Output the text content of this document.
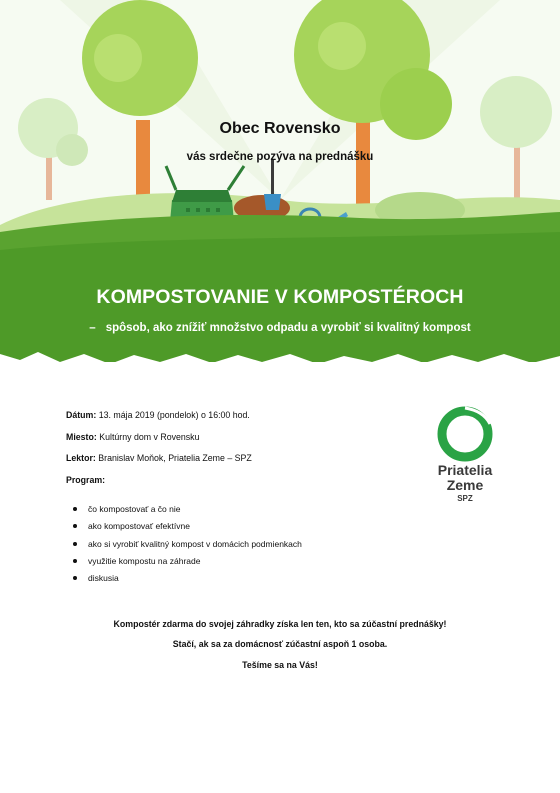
Obec Rovensko
vás srdečne pozýva na prednášku
KOMPOSTOVANIE V KOMPOSTÉROCH
– spôsob, ako znížiť množstvo odpadu a vyrobiť si kvalitný kompost
Dátum: 13. mája 2019 (pondelok) o 16:00 hod.
Miesto: Kultúrny dom v Rovensku
Lektor: Branislav Moňok, Priatelia Zeme – SPZ
Program:
čo kompostovať a čo nie
ako kompostovať efektívne
ako si vyrobiť kvalitný kompost v domácich podmienkach
využitie kompostu na záhrade
diskusia
Priatelia
Zeme
SPZ
Kompostér zdarma do svojej záhradky získa len ten, kto sa zúčastní prednášky!
Stačí, ak sa za domácnosť zúčastní aspoň 1 osoba.
Tešíme sa na Vás!
